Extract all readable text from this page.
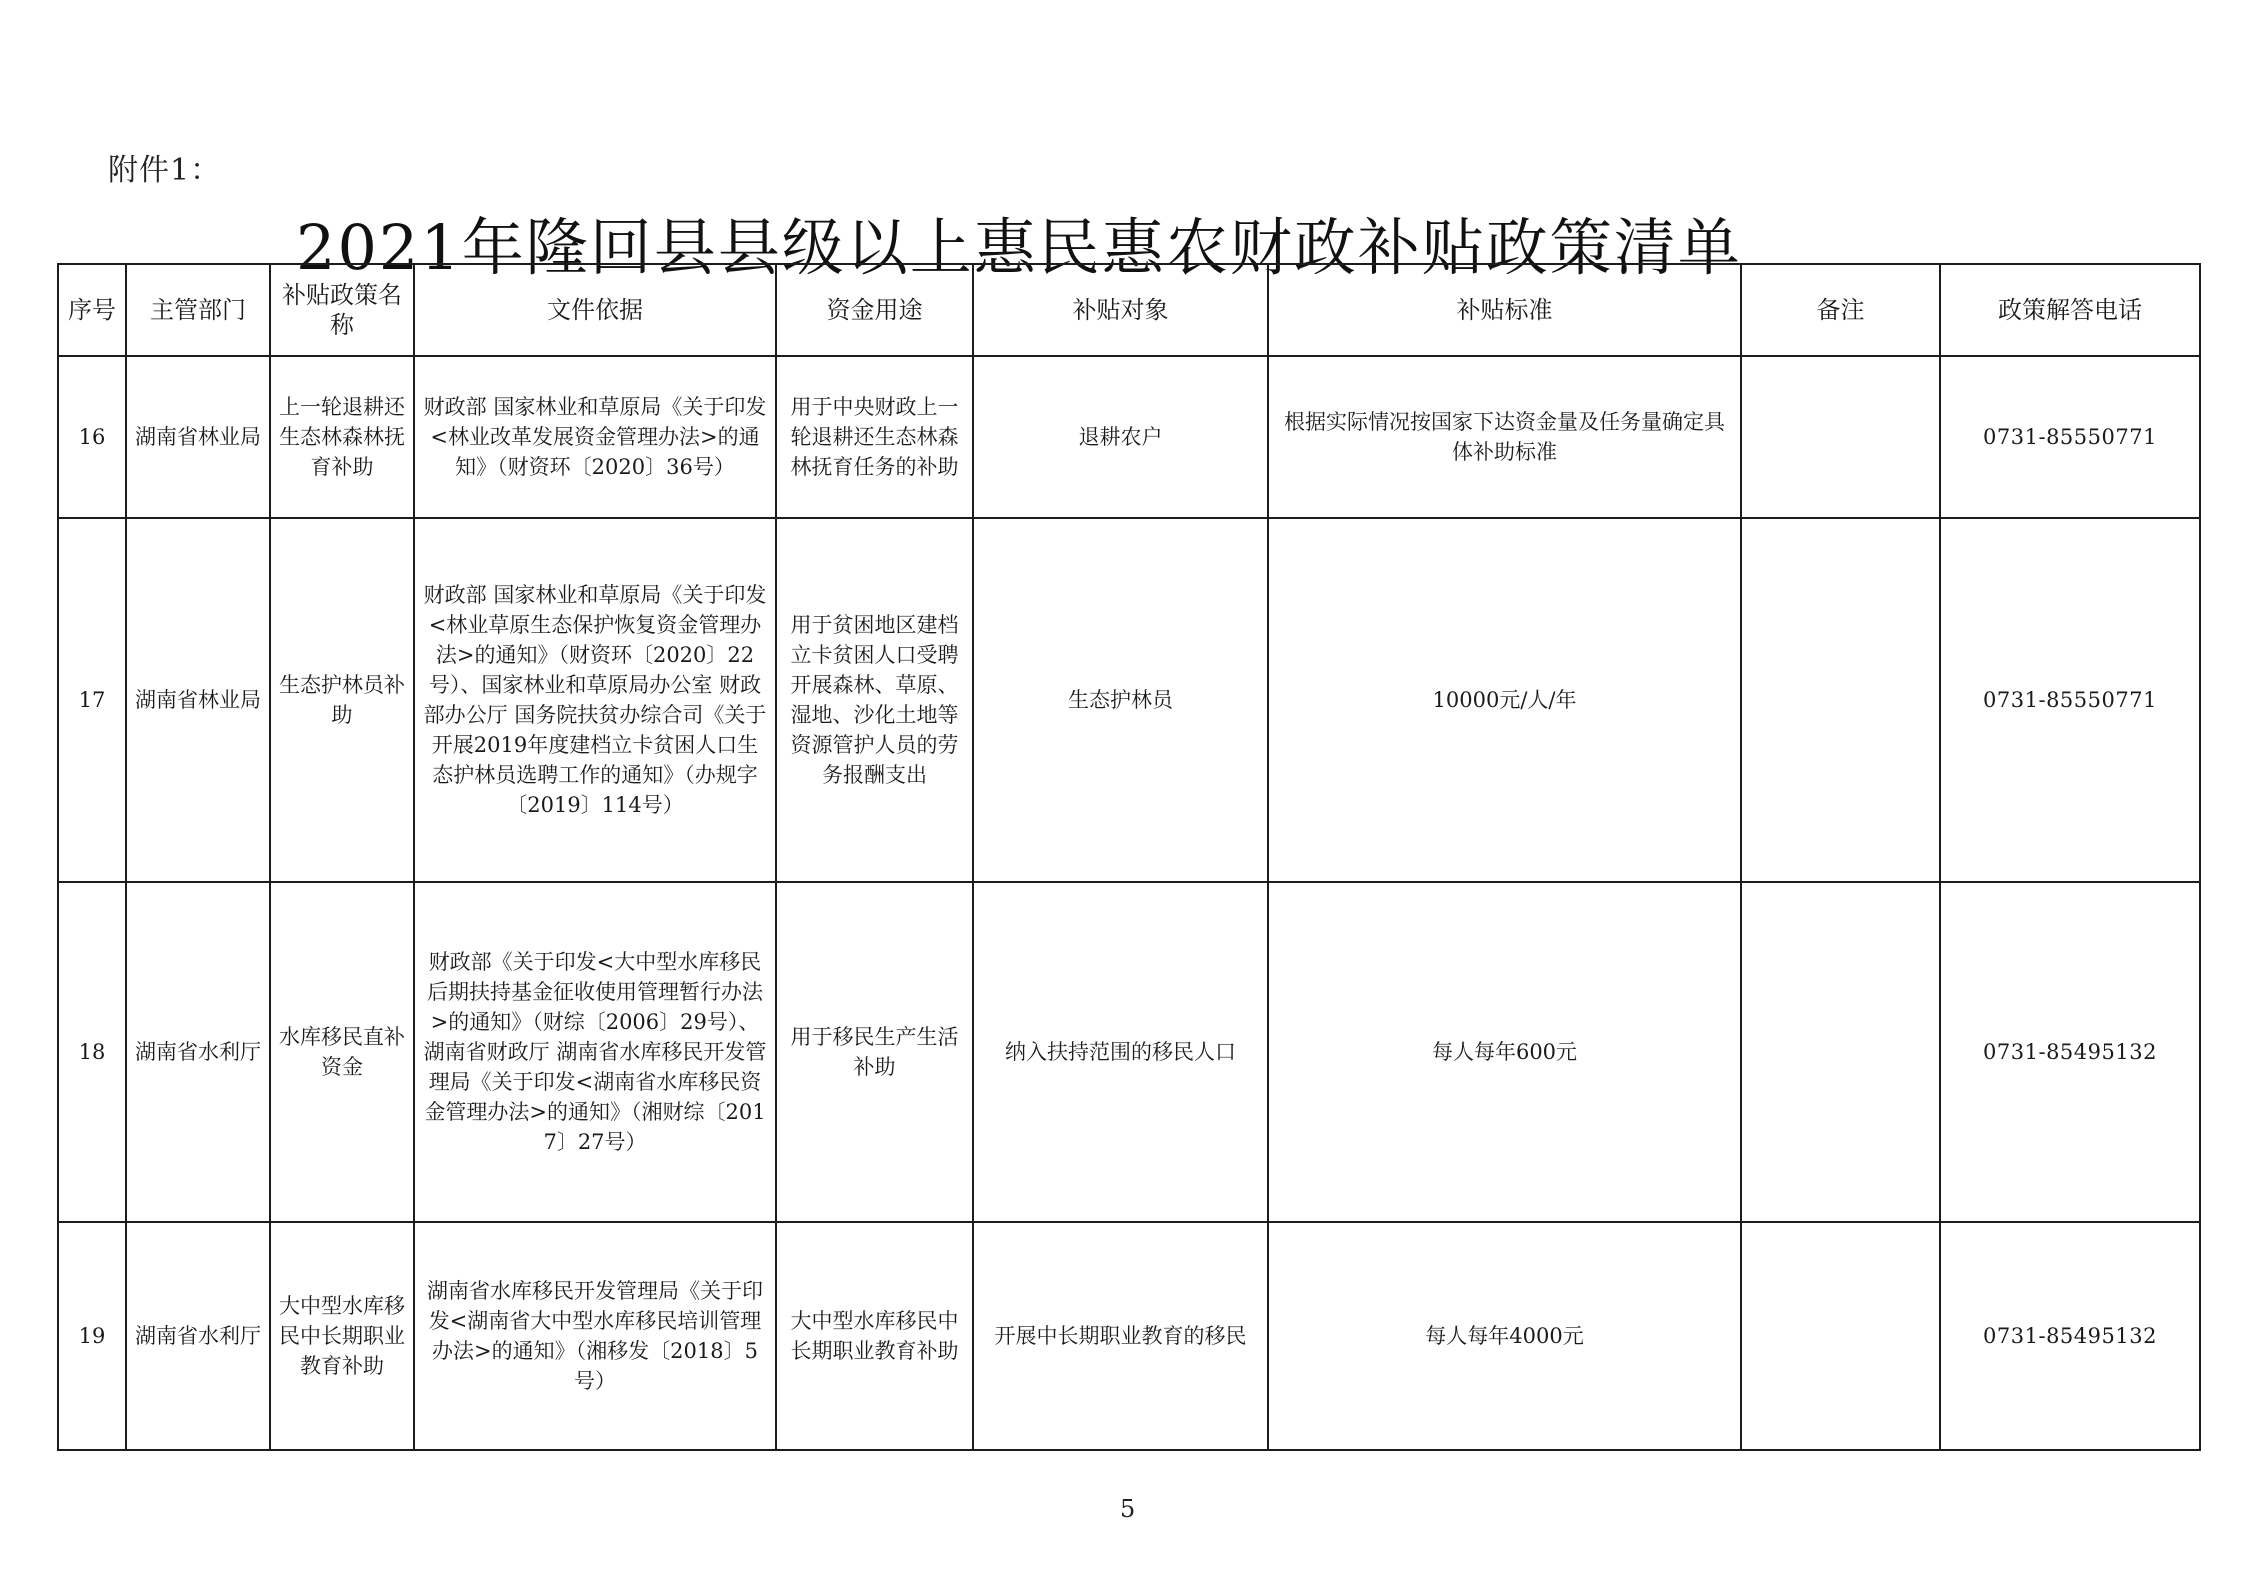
附件1：
2021年隆回县县级以上惠民惠农财政补贴政策清单
序号	主管部门	补贴政策名称	文件依据	资金用途	补贴对象	补贴标准	备注	政策解答电话
16	湖南省林业局	上一轮退耕还生态林森林抚育补助	财政部 国家林业和草原局《关于印发<林业改革发展资金管理办法>的通知》（财资环〔2020〕36号）	用于中央财政上一轮退耕还生态林森林抚育任务的补助	退耕农户	根据实际情况按国家下达资金量及任务量确定具体补助标准		0731-85550771
17	湖南省林业局	生态护林员补助	财政部 国家林业和草原局《关于印发<林业草原生态保护恢复资金管理办法>的通知》（财资环〔2020〕22号）、国家林业和草原局办公室 财政部办公厅 国务院扶贫办综合司《关于开展2019年度建档立卡贫困人口生态护林员选聘工作的通知》（办规字〔2019〕114号）	用于贫困地区建档立卡贫困人口受聘开展森林、草原、湿地、沙化土地等资源管护人员的劳务报酬支出	生态护林员	10000元/人/年		0731-85550771
18	湖南省水利厅	水库移民直补资金	财政部《关于印发<大中型水库移民后期扶持基金征收使用管理暂行办法>的通知》（财综〔2006〕29号）、湖南省财政厅 湖南省水库移民开发管理局《关于印发<湖南省水库移民资金管理办法>的通知》（湘财综〔2017〕27号）	用于移民生产生活补助	纳入扶持范围的移民人口	每人每年600元		0731-85495132
19	湖南省水利厅	大中型水库移民中长期职业教育补助	湖南省水库移民开发管理局《关于印发<湖南省大中型水库移民培训管理办法>的通知》（湘移发〔2018〕5号）	大中型水库移民中长期职业教育补助	开展中长期职业教育的移民	每人每年4000元		0731-85495132
5
